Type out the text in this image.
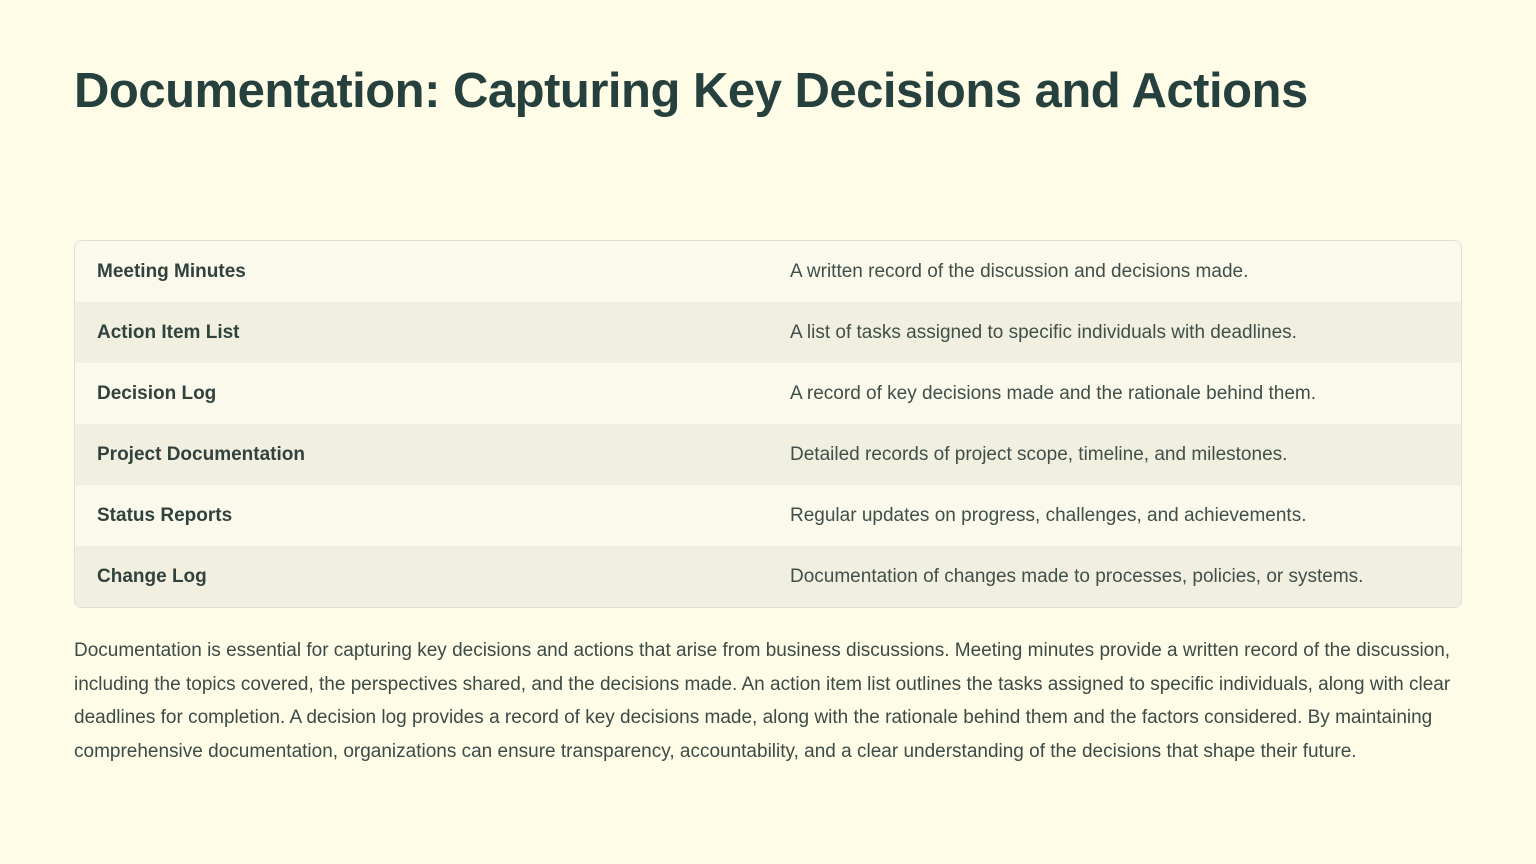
Documentation: Capturing Key Decisions and Actions
Meeting Minutes	A written record of the discussion and decisions made.
Action Item List	A list of tasks assigned to specific individuals with deadlines.
Decision Log	A record of key decisions made and the rationale behind them.
Project Documentation	Detailed records of project scope, timeline, and milestones.
Status Reports	Regular updates on progress, challenges, and achievements.
Change Log	Documentation of changes made to processes, policies, or systems.

Documentation is essential for capturing key decisions and actions that arise from business discussions. Meeting minutes provide a written record of the discussion, including the topics covered, the perspectives shared, and the decisions made. An action item list outlines the tasks assigned to specific individuals, along with clear deadlines for completion. A decision log provides a record of key decisions made, along with the rationale behind them and the factors considered. By maintaining comprehensive documentation, organizations can ensure transparency, accountability, and a clear understanding of the decisions that shape their future.
